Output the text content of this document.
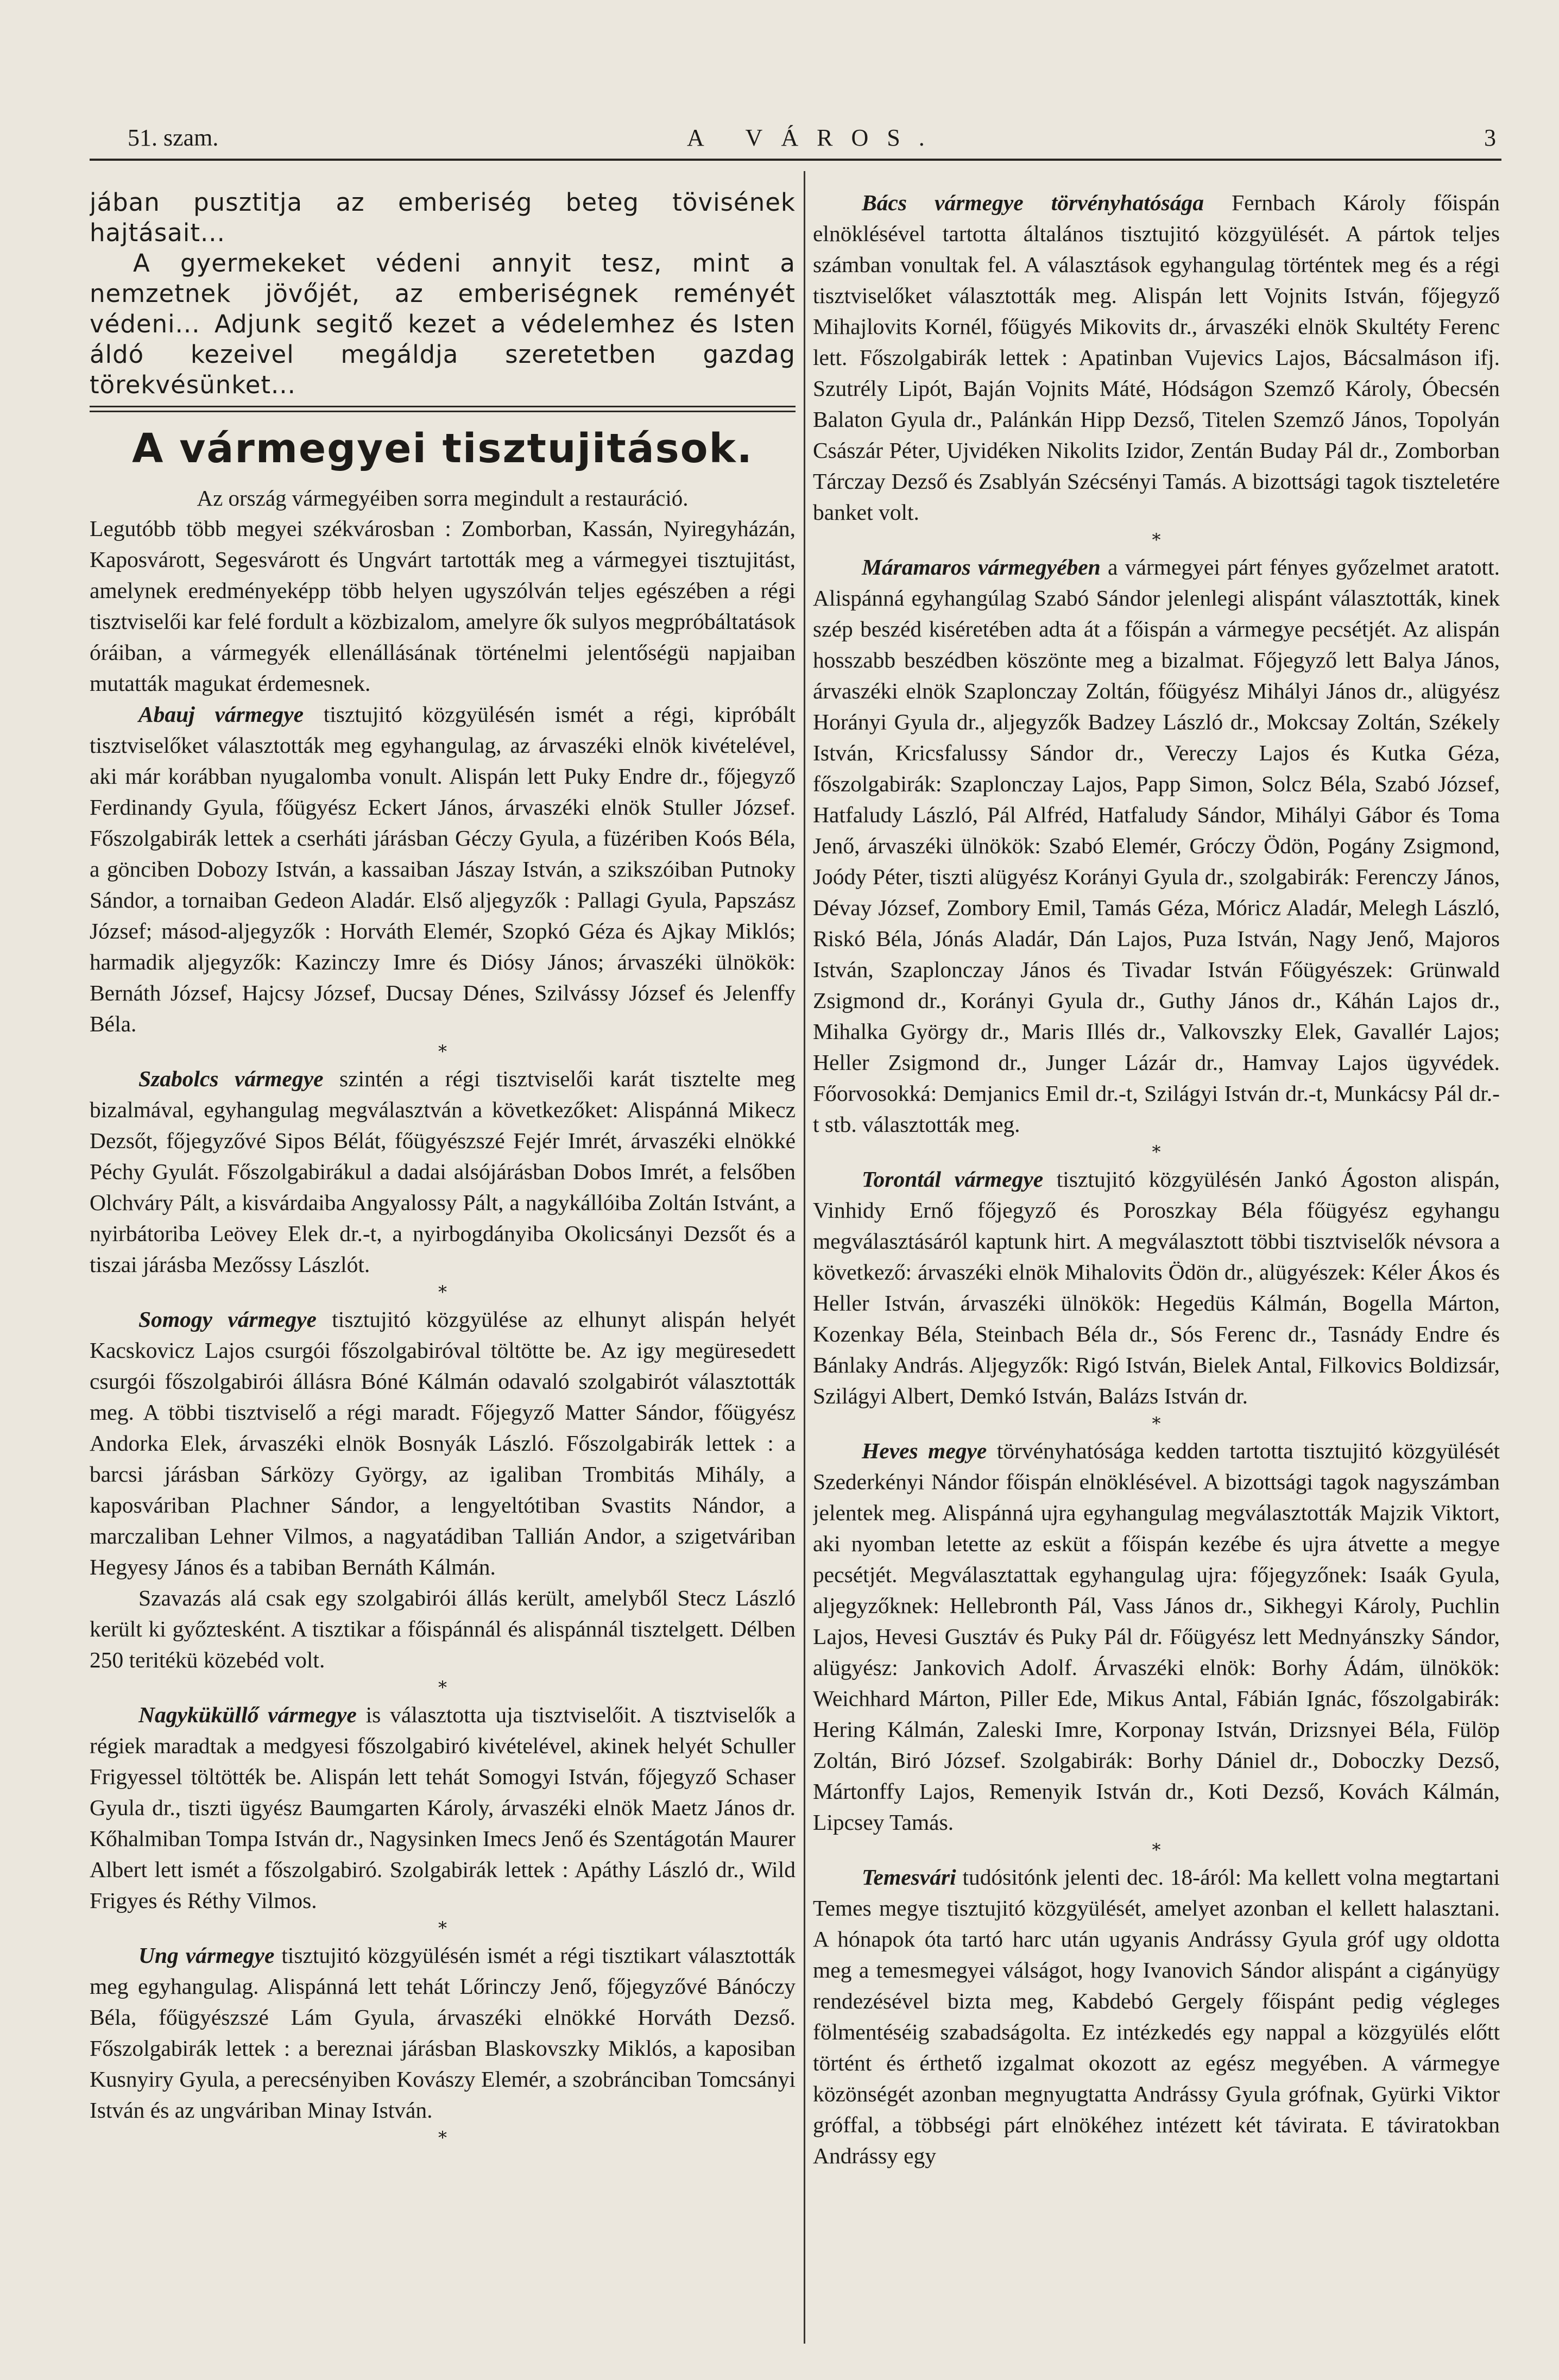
51. szam.	A VÁROS.	3

jában pusztitja az emberiség beteg tövisének hajtásait...

A gyermekeket védeni annyit tesz, mint a nemzetnek jövőjét, az emberiségnek reményét védeni... Adjunk segitő kezet a védelemhez és Isten áldó kezeivel megáldja szeretetben gazdag törekvésünket...

A vármegyei tisztujitások.

Az ország vármegyéiben sorra megindult a restauráció.

Legutóbb több megyei székvárosban : Zomborban, Kassán, Nyiregyházán, Kaposvárott, Segesvárott és Ungvárt tartották meg a vármegyei tisztujitást, amelynek eredményeképp több helyen ugyszólván teljes egészében a régi tisztviselői kar felé fordult a közbizalom, amelyre ők sulyos megpróbáltatások óráiban, a vármegyék ellenállásának történelmi jelentőségü napjaiban mutatták magukat érdemesnek.

Abauj vármegye tisztujitó közgyülésén ismét a régi, kipróbált tisztviselőket választották meg egyhangulag, az árvaszéki elnök kivételével, aki már korábban nyugalomba vonult. Alispán lett Puky Endre dr., főjegyző Ferdinandy Gyula, főügyész Eckert János, árvaszéki elnök Stuller József. Főszolgabirák lettek a cserháti járásban Géczy Gyula, a füzériben Koós Béla, a gönciben Dobozy István, a kassaiban Jászay István, a szikszóiban Putnoky Sándor, a tornaiban Gedeon Aladár. Első aljegyzők : Pallagi Gyula, Papszász József; másod-aljegyzők : Horváth Elemér, Szopkó Géza és Ajkay Miklós; harmadik aljegyzők: Kazinczy Imre és Diósy János; árvaszéki ülnökök: Bernáth József, Hajcsy József, Ducsay Dénes, Szilvássy József és Jelenffy Béla.

*

Szabolcs vármegye szintén a régi tisztviselői karát tisztelte meg bizalmával, egyhangulag megválasztván a következőket: Alispánná Mikecz Dezsőt, főjegyzővé Sipos Bélát, főügyészszé Fejér Imrét, árvaszéki elnökké Péchy Gyulát. Főszolgabirákul a dadai alsójárásban Dobos Imrét, a felsőben Olchváry Pált, a kisvárdaiba Angyalossy Pált, a nagykállóiba Zoltán Istvánt, a nyirbátoriba Leövey Elek dr.-t, a nyirbogdányiba Okolicsányi Dezsőt és a tiszai járásba Mezőssy Lászlót.

*

Somogy vármegye tisztujitó közgyülése az elhunyt alispán helyét Kacskovicz Lajos csurgói főszolgabiróval töltötte be. Az igy megüresedett csurgói főszolgabirói állásra Bóné Kálmán odavaló szolgabirót választották meg. A többi tisztviselő a régi maradt. Főjegyző Matter Sándor, főügyész Andorka Elek, árvaszéki elnök Bosnyák László. Főszolgabirák lettek : a barcsi járásban Sárközy György, az igaliban Trombitás Mihály, a kaposváriban Plachner Sándor, a lengyeltótiban Svastits Nándor, a marczaliban Lehner Vilmos, a nagyatádiban Tallián Andor, a szigetváriban Hegyesy János és a tabiban Bernáth Kálmán.

Szavazás alá csak egy szolgabirói állás került, amelyből Stecz László került ki győztesként. A tisztikar a főispánnál és alispánnál tisztelgett. Délben 250 teritékü közebéd volt.

*

Nagyküküllő vármegye is választotta uja tisztviselőit. A tisztviselők a régiek maradtak a medgyesi főszolgabiró kivételével, akinek helyét Schuller Frigyessel töltötték be. Alispán lett tehát Somogyi István, főjegyző Schaser Gyula dr., tiszti ügyész Baumgarten Károly, árvaszéki elnök Maetz János dr. Kőhalmiban Tompa István dr., Nagysinken Imecs Jenő és Szentágotán Maurer Albert lett ismét a főszolgabiró. Szolgabirák lettek : Apáthy László dr., Wild Frigyes és Réthy Vilmos.

*

Ung vármegye tisztujitó közgyülésén ismét a régi tisztikart választották meg egyhangulag. Alispánná lett tehát Lőrinczy Jenő, főjegyzővé Bánóczy Béla, főügyészszé Lám Gyula, árvaszéki elnökké Horváth Dezső. Főszolgabirák lettek : a bereznai járásban Blaskovszky Miklós, a kaposiban Kusnyiry Gyula, a perecsényiben Kovászy Elemér, a szobránciban Tomcsányi István és az ungváriban Minay István.

*

Bács vármegye törvényhatósága Fernbach Károly főispán elnöklésével tartotta általános tisztujitó közgyülését. A pártok teljes számban vonultak fel. A választások egyhangulag történtek meg és a régi tisztviselőket választották meg. Alispán lett Vojnits István, főjegyző Mihajlovits Kornél, főügyés Mikovits dr., árvaszéki elnök Skultéty Ferenc lett. Főszolgabirák lettek : Apatinban Vujevics Lajos, Bácsalmáson ifj. Szutrély Lipót, Baján Vojnits Máté, Hódságon Szemző Károly, Óbecsén Balaton Gyula dr., Palánkán Hipp Dezső, Titelen Szemző János, Topolyán Császár Péter, Ujvidéken Nikolits Izidor, Zentán Buday Pál dr., Zomborban Tárczay Dezső és Zsablyán Szécsényi Tamás. A bizottsági tagok tiszteletére banket volt.

*

Máramaros vármegyében a vármegyei párt fényes győzelmet aratott. Alispánná egyhangúlag Szabó Sándor jelenlegi alispánt választották, kinek szép beszéd kiséretében adta át a főispán a vármegye pecsétjét. Az alispán hosszabb beszédben köszönte meg a bizalmat. Főjegyző lett Balya János, árvaszéki elnök Szaplonczay Zoltán, főügyész Mihályi János dr., alügyész Horányi Gyula dr., aljegyzők Badzey László dr., Mokcsay Zoltán, Székely István, Kricsfalussy Sándor dr., Vereczy Lajos és Kutka Géza, főszolgabirák: Szaplonczay Lajos, Papp Simon, Solcz Béla, Szabó József, Hatfaludy László, Pál Alfréd, Hatfaludy Sándor, Mihályi Gábor és Toma Jenő, árvaszéki ülnökök: Szabó Elemér, Gróczy Ödön, Pogány Zsigmond, Joódy Péter, tiszti alügyész Korányi Gyula dr., szolgabirák: Ferenczy János, Dévay József, Zombory Emil, Tamás Géza, Móricz Aladár, Melegh László, Riskó Béla, Jónás Aladár, Dán Lajos, Puza István, Nagy Jenő, Majoros István, Szaplonczay János és Tivadar István Főügyészek: Grünwald Zsigmond dr., Korányi Gyula dr., Guthy János dr., Káhán Lajos dr., Mihalka György dr., Maris Illés dr., Valkovszky Elek, Gavallér Lajos; Heller Zsigmond dr., Junger Lázár dr., Hamvay Lajos ügyvédek. Főorvosokká: Demjanics Emil dr.-t, Szilágyi István dr.-t, Munkácsy Pál dr.-t stb. választották meg.

*

Torontál vármegye tisztujitó közgyülésén Jankó Ágoston alispán, Vinhidy Ernő főjegyző és Poroszkay Béla főügyész egyhangu megválasztásáról kaptunk hirt. A megválasztott többi tisztviselők névsora a következő: árvaszéki elnök Mihalovits Ödön dr., alügyészek: Kéler Ákos és Heller István, árvaszéki ülnökök: Hegedüs Kálmán, Bogella Márton, Kozenkay Béla, Steinbach Béla dr., Sós Ferenc dr., Tasnády Endre és Bánlaky András. Aljegyzők: Rigó István, Bielek Antal, Filkovics Boldizsár, Szilágyi Albert, Demkó István, Balázs István dr.

*

Heves megye törvényhatósága kedden tartotta tisztujitó közgyülését Szederkényi Nándor főispán elnöklésével. A bizottsági tagok nagyszámban jelentek meg. Alispánná ujra egyhangulag megválasztották Majzik Viktort, aki nyomban letette az esküt a főispán kezébe és ujra átvette a megye pecsétjét. Megválasztattak egyhangulag ujra: főjegyzőnek: Isaák Gyula, aljegyzőknek: Hellebronth Pál, Vass János dr., Sikhegyi Károly, Puchlin Lajos, Hevesi Gusztáv és Puky Pál dr. Főügyész lett Mednyánszky Sándor, alügyész: Jankovich Adolf. Árvaszéki elnök: Borhy Ádám, ülnökök: Weichhard Márton, Piller Ede, Mikus Antal, Fábián Ignác, főszolgabirák: Hering Kálmán, Zaleski Imre, Korponay István, Drizsnyei Béla, Fülöp Zoltán, Biró József. Szolgabirák: Borhy Dániel dr., Doboczky Dezső, Mártonffy Lajos, Remenyik István dr., Koti Dezső, Kovách Kálmán, Lipcsey Tamás.

*

Temesvári tudósitónk jelenti dec. 18-áról: Ma kellett volna megtartani Temes megye tisztujitó közgyülését, amelyet azonban el kellett halasztani. A hónapok óta tartó harc után ugyanis Andrássy Gyula gróf ugy oldotta meg a temesmegyei válságot, hogy Ivanovich Sándor alispánt a cigányügy rendezésével bizta meg, Kabdebó Gergely főispánt pedig végleges fölmentéséig szabadságolta. Ez intézkedés egy nappal a közgyülés előtt történt és érthető izgalmat okozott az egész megyében. A vármegye közönségét azonban megnyugtatta Andrássy Gyula grófnak, Gyürki Viktor gróffal, a többségi párt elnökéhez intézett két távirata. E táviratokban Andrássy egy
